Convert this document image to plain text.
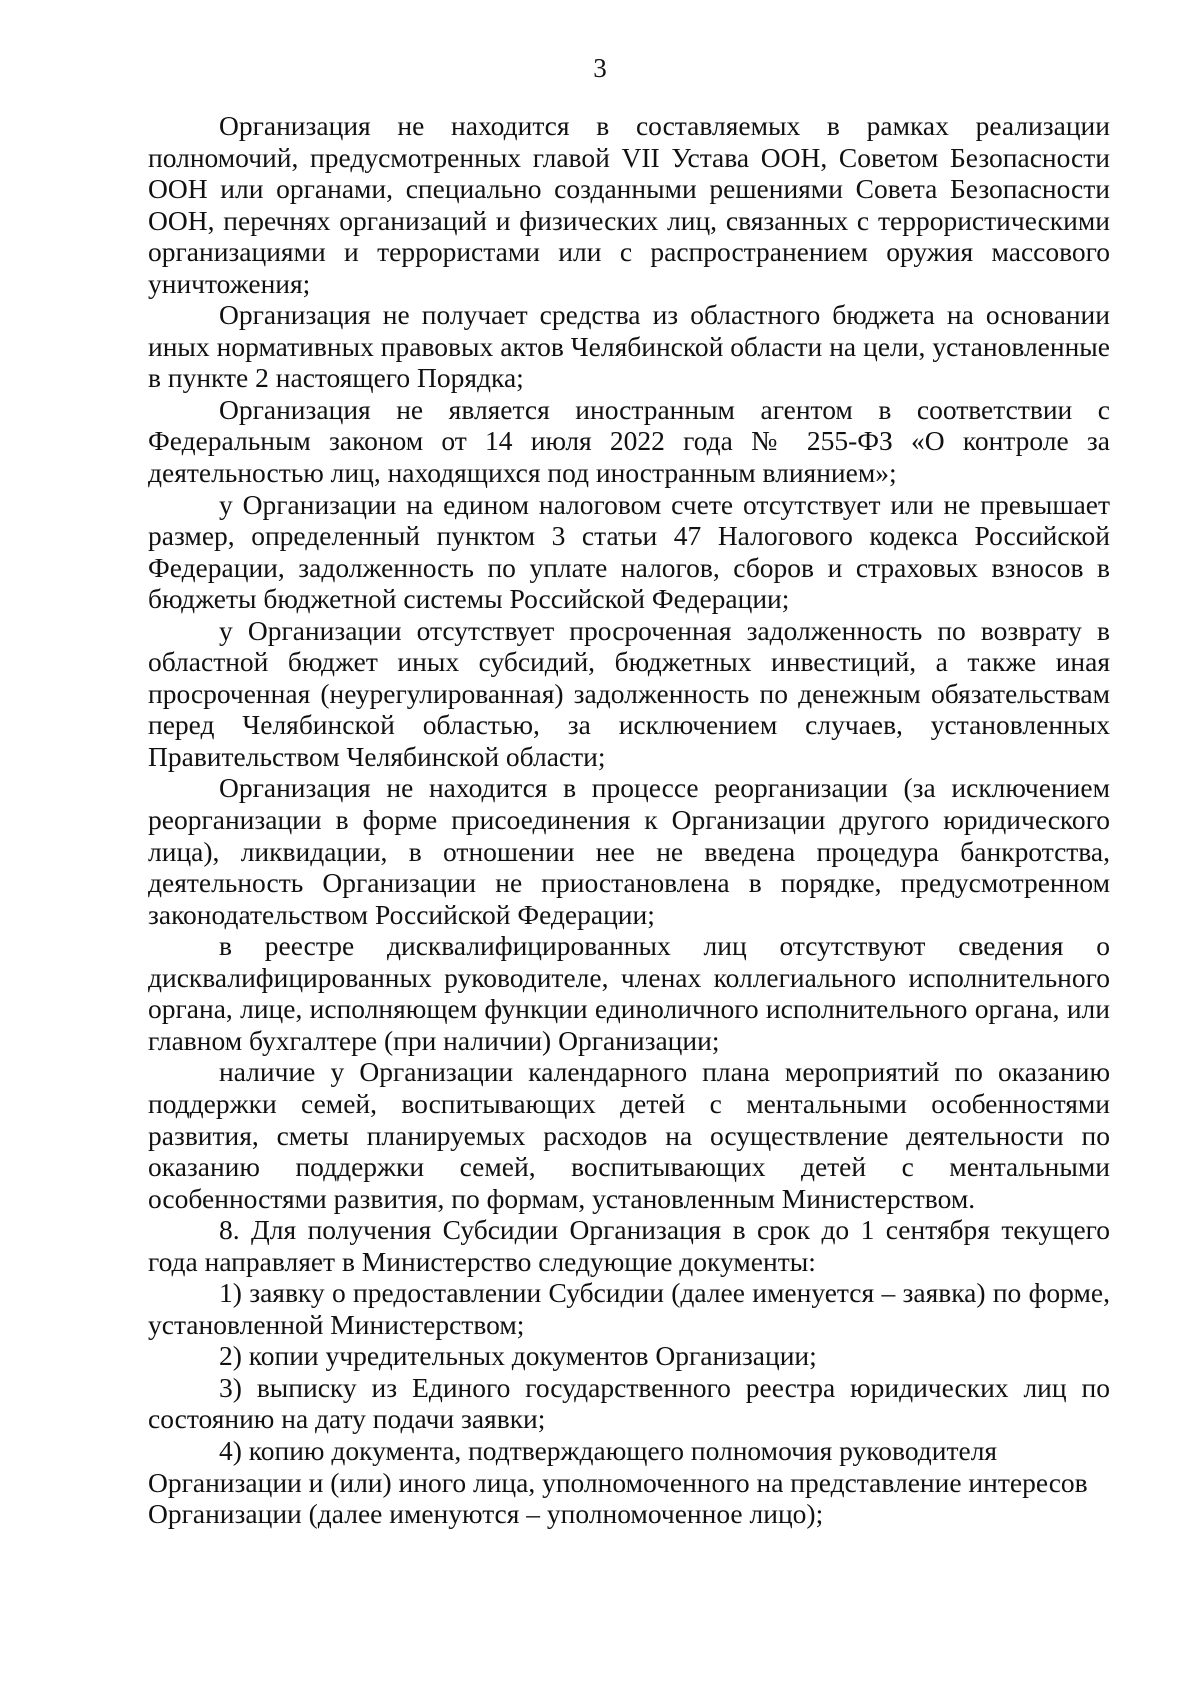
3

Организация не находится в составляемых в рамках реализации полномочий, предусмотренных главой VII Устава ООН, Советом Безопасности ООН или органами, специально созданными решениями Совета Безопасности ООН, перечнях организаций и физических лиц, связанных с террористическими организациями и террористами или с распространением оружия массового уничтожения;

Организация не получает средства из областного бюджета на основании иных нормативных правовых актов Челябинской области на цели, установленные в пункте 2 настоящего Порядка;

Организация не является иностранным агентом в соответствии с Федеральным законом от 14 июля 2022 года № 255-ФЗ «О контроле за деятельностью лиц, находящихся под иностранным влиянием»;

у Организации на едином налоговом счете отсутствует или не превышает размер, определенный пунктом 3 статьи 47 Налогового кодекса Российской Федерации, задолженность по уплате налогов, сборов и страховых взносов в бюджеты бюджетной системы Российской Федерации;

у Организации отсутствует просроченная задолженность по возврату в областной бюджет иных субсидий, бюджетных инвестиций, а также иная просроченная (неурегулированная) задолженность по денежным обязательствам перед Челябинской областью, за исключением случаев, установленных Правительством Челябинской области;

Организация не находится в процессе реорганизации (за исключением реорганизации в форме присоединения к Организации другого юридического лица), ликвидации, в отношении нее не введена процедура банкротства, деятельность Организации не приостановлена в порядке, предусмотренном законодательством Российской Федерации;

в реестре дисквалифицированных лиц отсутствуют сведения о дисквалифицированных руководителе, членах коллегиального исполнительного органа, лице, исполняющем функции единоличного исполнительного органа, или главном бухгалтере (при наличии) Организации;

наличие у Организации календарного плана мероприятий по оказанию поддержки семей, воспитывающих детей с ментальными особенностями развития, сметы планируемых расходов на осуществление деятельности по оказанию поддержки семей, воспитывающих детей с ментальными особенностями развития, по формам, установленным Министерством.

8. Для получения Субсидии Организация в срок до 1 сентября текущего года направляет в Министерство следующие документы:

1) заявку о предоставлении Субсидии (далее именуется – заявка) по форме, установленной Министерством;

2) копии учредительных документов Организации;

3) выписку из Единого государственного реестра юридических лиц по состоянию на дату подачи заявки;

4) копию документа, подтверждающего полномочия руководителя Организации и (или) иного лица, уполномоченного на представление интересов Организации (далее именуются – уполномоченное лицо);
